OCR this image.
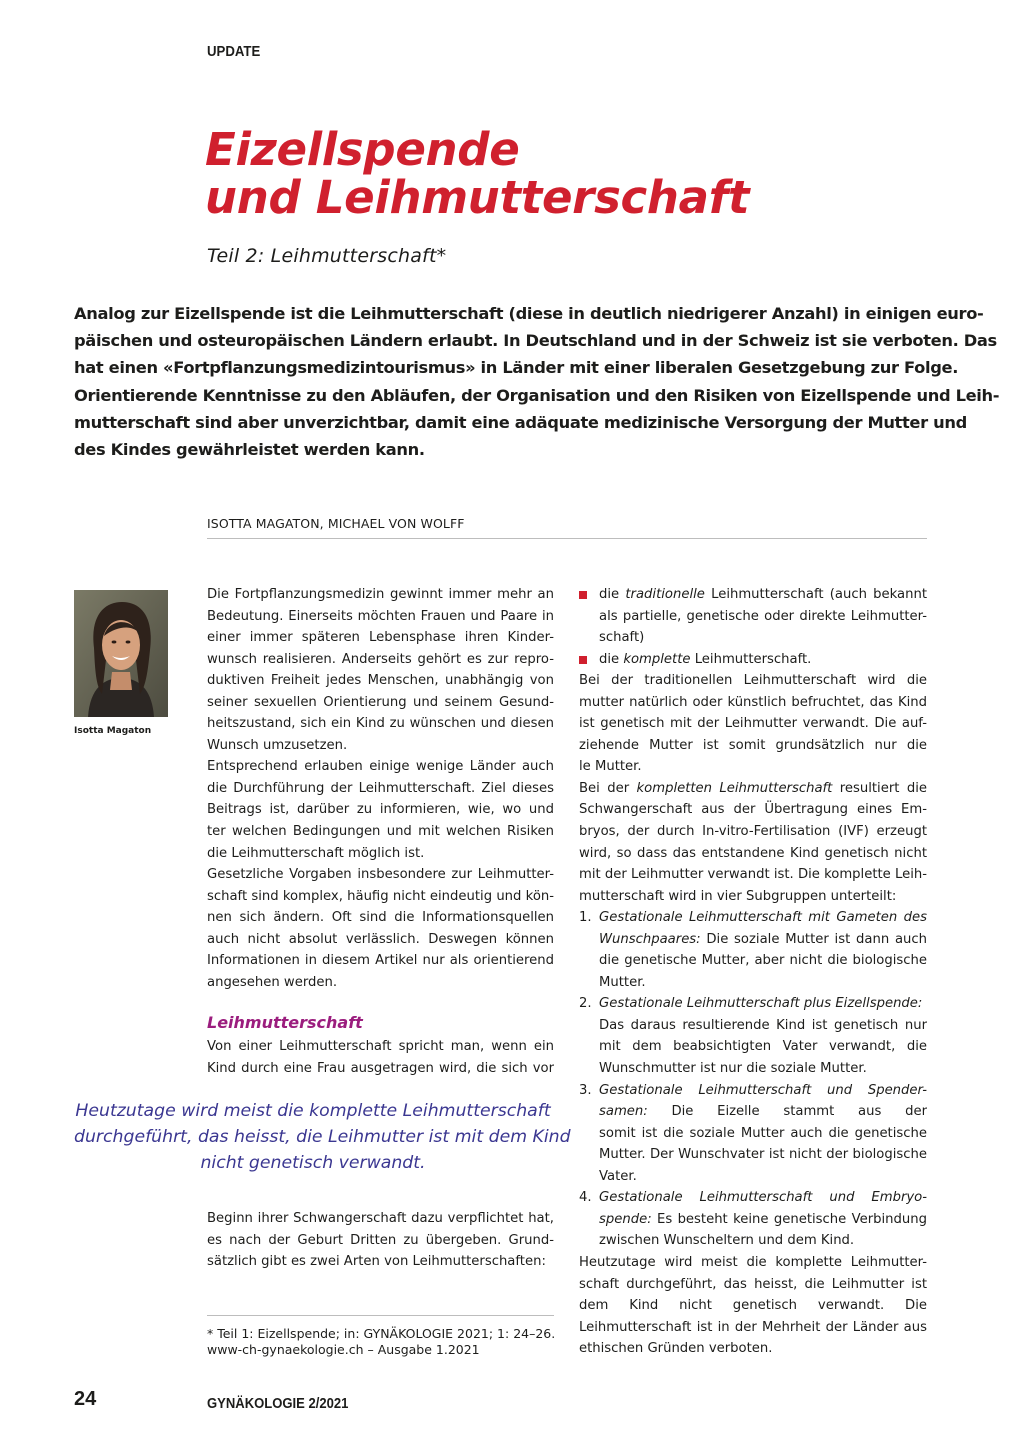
UPDATE
Eizellspende
und Leihmutterschaft
Teil 2: Leihmutterschaft*

Analog zur Eizellspende ist die Leihmutterschaft (diese in deutlich niedrigerer Anzahl) in einigen euro-
päischen und osteuropäischen Ländern erlaubt. In Deutschland und in der Schweiz ist sie verboten. Das
hat einen «Fortpflanzungsmedizintourismus» in Länder mit einer liberalen Gesetzgebung zur Folge.
Orientierende Kenntnisse zu den Abläufen, der Organisation und den Risiken von Eizellspende und Leih-
mutterschaft sind aber unverzichtbar, damit eine adäquate medizinische Versorgung der Mutter und
des Kindes gewährleistet werden kann.

ISOTTA MAGATON, MICHAEL VON WOLFF
Isotta Magaton
Die Fortpflanzungsmedizin gewinnt immer mehr an
Bedeutung. Einerseits möchten Frauen und Paare in
einer immer späteren Lebensphase ihren Kinder-
wunsch realisieren. Anderseits gehört es zur repro-
duktiven Freiheit jedes Menschen, unabhängig von
seiner sexuellen Orientierung und seinem Gesund-
heitszustand, sich ein Kind zu wünschen und diesen
Wunsch umzusetzen.
Entsprechend erlauben einige wenige Länder auch
die Durchführung der Leihmutterschaft. Ziel dieses
Beitrags ist, darüber zu informieren, wie, wo und
ter welchen Bedingungen und mit welchen Risiken
die Leihmutterschaft möglich ist.
Gesetzliche Vorgaben insbesondere zur Leihmutter-
schaft sind komplex, häufig nicht eindeutig und kön-
nen sich ändern. Oft sind die Informationsquellen
auch nicht absolut verlässlich. Deswegen können
Informationen in diesem Artikel nur als orientierend
angesehen werden.
Leihmutterschaft
Von einer Leihmutterschaft spricht man, wenn ein
Kind durch eine Frau ausgetragen wird, die sich vor

Heutzutage wird meist die komplette Leihmutterschaft
durchgeführt, das heisst, die Leihmutter ist mit dem Kind
nicht genetisch verwandt.

Beginn ihrer Schwangerschaft dazu verpflichtet hat,
es nach der Geburt Dritten zu übergeben. Grund-
sätzlich gibt es zwei Arten von Leihmutterschaften:
* Teil 1: Eizellspende; in: GYNÄKOLOGIE 2021; 1: 24–26.
www-ch-gynaekologie.ch – Ausgabe 1.2021
die traditionelle Leihmutterschaft (auch bekannt
als partielle, genetische oder direkte Leihmutter-
schaft)
die komplette Leihmutterschaft.
Bei der traditionellen Leihmutterschaft wird die
mutter natürlich oder künstlich befruchtet, das Kind
ist genetisch mit der Leihmutter verwandt. Die auf-
ziehende Mutter ist somit grundsätzlich nur die
le Mutter.
Bei der kompletten Leihmutterschaft resultiert die
Schwangerschaft aus der Übertragung eines Em-
bryos, der durch In-vitro-Fertilisation (IVF) erzeugt
wird, so dass das entstandene Kind genetisch nicht
mit der Leihmutter verwandt ist. Die komplette Leih-
mutterschaft wird in vier Subgruppen unterteilt:
1. Gestationale Leihmutterschaft mit Gameten des
Wunschpaares: Die soziale Mutter ist dann auch
die genetische Mutter, aber nicht die biologische
Mutter.
2. Gestationale Leihmutterschaft plus Eizellspende:
Das daraus resultierende Kind ist genetisch nur
mit dem beabsichtigten Vater verwandt, die
Wunschmutter ist nur die soziale Mutter.
3. Gestationale Leihmutterschaft und Spender-
samen: Die Eizelle stammt aus der
somit ist die soziale Mutter auch die genetische
Mutter. Der Wunschvater ist nicht der biologische
Vater.
4. Gestationale Leihmutterschaft und Embryo-
spende: Es besteht keine genetische Verbindung
zwischen Wunscheltern und dem Kind.
Heutzutage wird meist die komplette Leihmutter-
schaft durchgeführt, das heisst, die Leihmutter ist
dem Kind nicht genetisch verwandt. Die
Leihmutterschaft ist in der Mehrheit der Länder aus
ethischen Gründen verboten.
24	GYNÄKOLOGIE 2/2021
